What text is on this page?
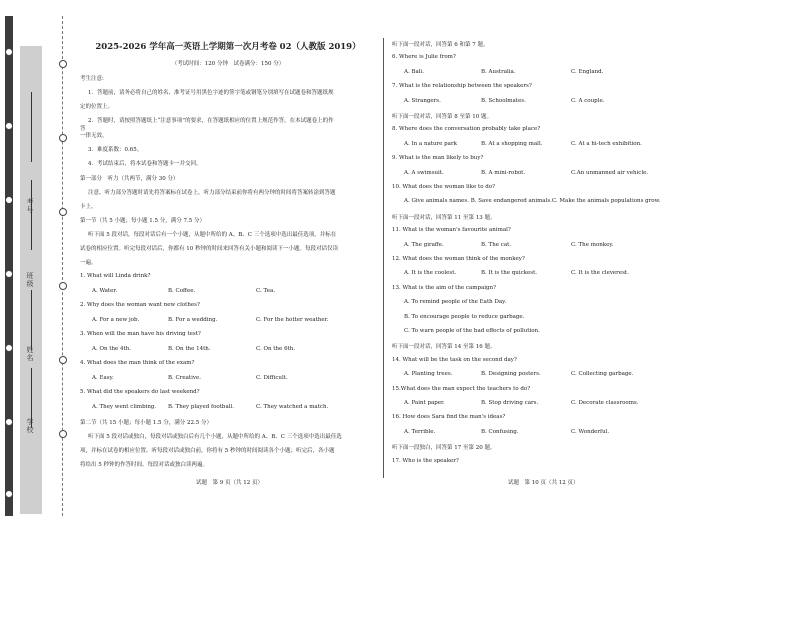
考号
班级
姓名
学校
2025-2026 学年高一英语上学期第一次月考卷 02（人教版 2019）
（考试时间：120 分钟　试卷满分：150 分）
考生注意:
1．答题前，请务必将自己的姓名、准考证号用黑色字迹的签字笔或钢笔分别填写在试题卷和答题纸规
定的位置上。
2．答题时，请按照答题纸上“注意事项”的要求，在答题纸相应的位置上规范作答，在本试题卷上的作
答
一律无效。
3．难度系数：0.65。
4．考试结束后，将本试卷和答题卡一并交回。
第一部分　听力（共两节，满分 30 分）
注意，听力部分答题时请先将答案标在试卷上，听力部分结束前你将有两分钟的时间将答案转涂到答题
卡上。
第一节（共 5 小题；每小题 1.5 分，满分 7.5 分）
听下面 5 段对话，每段对话后有一个小题，从题中所给的 A、B、C 三个选项中选出最佳选项，并标在
试卷的相应位置。听完每段对话后，你都有 10 秒钟的时间来回答有关小题和阅读下一小题。每段对话仅读
一遍。
1. What will Linda drink?
A. Water.	B. Coffee.	C. Tea.
2. Why does the woman want new clothes?
A. For a new job.	B. For a wedding.	C. For the hotter weather.
3. When will the man have his driving test?
A. On the 4th.	B. On the 14th.	C. On the 6th.
4. What does the man think of the exam?
A. Easy.	B. Creative.	C. Difficult.
5. What did the speakers do last weekend?
A. They went climbing. B. They played football.	C. They watched a match.
第二节（共 15 小题；每小题 1.5 分，满分 22.5 分）
听下面 5 段对话或独白，每段对话或独白后有几个小题，从题中所给的 A、B、C 三个选项中选出最佳选
项，并标在试卷的相应位置。听每段对话或独白前，你将有 5 秒钟的时间阅读各个小题；听完后，各小题
将给出 5 秒钟的作答时间。每段对话或独白读两遍。
试题　第 9 页（共 12 页）
听下面一段对话，回答第 6 和第 7 题。
6. Where is Julie from?
A. Bali.	B. Australia.	C. England.
7. What is the relationship between the speakers?
A. Strangers.	B. Schoolmates.	C. A couple.
听下面一段对话，回答第 8 至第 10 题。
8. Where does the conversation probably take place?
A. In a nature park	B. At a shopping mall.	C. At a hi-tech exhibition.
9. What is the man likely to buy?
A. A swimsuit.	B. A mini-robot.	C.An unmanned air vehicle.
10. What does the woman like to do?
A. Give animals names. B. Save endangered animals.C. Make the animals populations grow.
听下面一段对话，回答第 11 至第 13 题。
11. What is the woman's favourite animal?
A. The giraffe.	B. The cat.	C. The monkey.
12. What does the woman think of the monkey?
A. It is the coolest.	B. It is the quickest.	C. It is the cleverest.
13. What is the aim of the campaign?
A. To remind people of the Eath Day.
B. To encourage people to reduce garbage.
C. To warn people of the bad effects of pollution.
听下面一段对话，回答第 14 至第 16 题。
14. What will be the task on the second day?
A. Planting trees.	B. Designing posters.	C. Collecting garbage.
15.What does the man expect the teachers to do?
A. Paint paper.	B. Stop driving cars.	C. Decorate classrooms.
16. How does Sara find the man's ideas?
A. Terrible.	B. Confusing.	C. Wonderful.
听下面一段独白，回答第 17 至第 20 题。
17. Who is the speaker?
试题　第 10 页（共 12 页）
